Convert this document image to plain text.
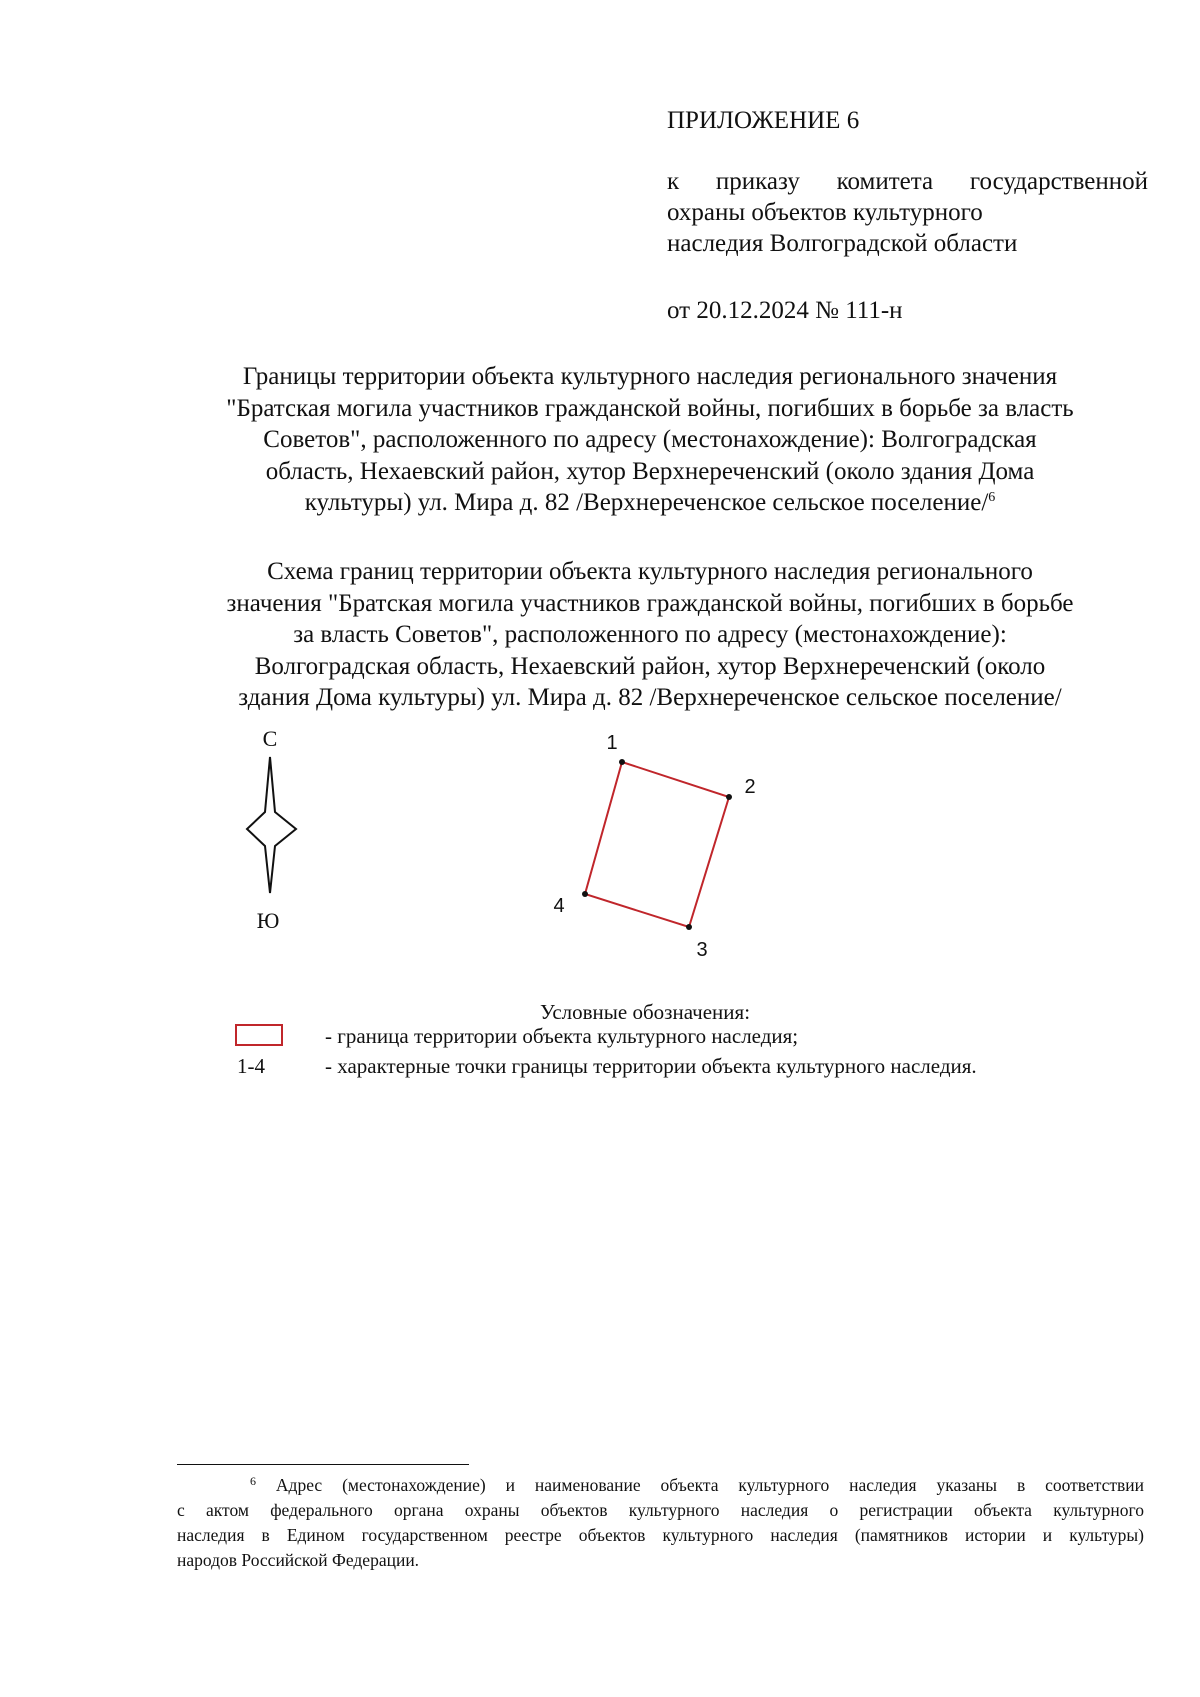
ПРИЛОЖЕНИЕ 6
к приказу комитета государственной
охраны объектов культурного
наследия Волгоградской области
от 20.12.2024 № 111-н
Границы территории объекта культурного наследия регионального значения
"Братская могила участников гражданской войны, погибших в борьбе за власть
Советов", расположенного по адресу (местонахождение): Волгоградская
область, Нехаевский район, хутор Верхнереченский (около здания Дома
культуры) ул. Мира д. 82 /Верхнереченское сельское поселение/$^6$
Схема границ территории объекта культурного наследия регионального
значения "Братская могила участников гражданской войны, погибших в борьбе
за власть Советов", расположенного по адресу (местонахождение):
Волгоградская область, Нехаевский район, хутор Верхнереченский (около
здания Дома культуры) ул. Мира д. 82 /Верхнереченское сельское поселение/
С
Ю
1
2
3
4
Условные обозначения:
- граница территории объекта культурного наследия;
1-4	- характерные точки границы территории объекта культурного наследия.
$^6$ Адрес (местонахождение) и наименование объекта культурного наследия указаны в соответствии
с актом федерального органа охраны объектов культурного наследия о регистрации объекта культурного
наследия в Едином государственном реестре объектов культурного наследия (памятников истории и культуры)
народов Российской Федерации.
